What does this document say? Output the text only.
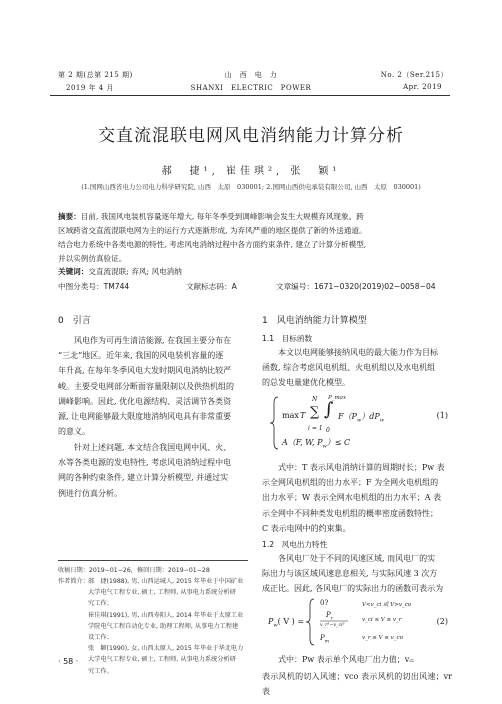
第 2 期(总第 215 期)	山　西　电　力	No. 2（Ser.215）
2019 年 4 月	SHANXI　ELECTRIC　POWER	Apr. 2019
交直流混联电网风电消纳能力计算分析
郝　捷¹, 崔佳琪², 张　颖¹
(1.国网山西省电力公司电力科学研究院, 山西　太原　030001; 2.国网山西供电承装有限公司, 山西　太原　030001)
摘要：目前, 我国风电装机容量逐年增大, 每年冬季受到调峰影响会发生大规模弃风现象。跨
区域跨省交直流混联电网为主的运行方式逐渐形成, 为弃风严重的地区提供了新的外送通道。
结合电力系统中各类电源的特性, 考虑风电消纳过程中各方面约束条件, 建立了计算分析模型,
并以实例仿真验证。
关键词：交直流混联; 弃风; 风电消纳
中图分类号：TM744	文献标志码：A	文章编号：1671−0320(2019)02−0058−04
0　引言
风电作为可再生清洁能源, 在我国主要分布在
“三北”地区。近年来, 我国的风电装机容量的逐
年升高, 在每年冬季风电大发时期风电消纳比较严
峻。主要受电网部分断面容量限制以及供热机组的
调峰影响。因此, 优化电源结构、灵活调节各类资
源, 让电网能够最大限度地消纳风电具有非常重要
的意义。
针对上述问题, 本文结合我国电网中风、火、
水等各类电源的发电特性, 考虑风电消纳过程中电
网的各种约束条件, 建立计算分析模型, 并通过实
例进行仿真分析。
收稿日期：2019−01−26，修回日期：2019−01−28
作者简介： 郝　捷(1988), 男, 山西运城人, 2015 年毕业于中国矿业
大学电气工程专业, 硕士, 工程师, 从事电力系统分析研
究工作；
崔佳琪(1991), 男, 山西寿阳人, 2014 年毕业于太原工业
学院电气工程自动化专业, 助理工程师, 从事电力工程建
设工作；
张　颖(1990), 女, 山西太原人, 2015 年毕业于华北电力
大学电气工程专业, 硕士, 工程师, 从事电力系统分析研
究工作。
· 58 ·
1　风电消纳能力计算模型
1.1　目标函数
本文以电网能够接纳风电的最大能力作为目标
函数, 综合考虑风电机组、火电机组以及水电机组
的总发电量建优化模型。
max T
N
∑
i = 1
P_max
∫
0
$F(P_w)dP_w$
A（F, W, $P_w)\le C$
(1)
式中：T 表示风电消纳计算的周期时长；Pw 表
示全网风电机组的出力水平；F 为全网火电机组的
出力水平；W 表示全网水电机组的出力水平；A 表
示全网中不同种类发电机组的概率密度函数特性；
C 表示电网中的约束集。
1.2　风电出力特性
各风电厂处于不同的风速区域, 而风电厂的实
际出力与该区域风速息息相关, 与实际风速 3 次方
成正比。因此, 各风电厂的实际出力的函数可表示为
$P_w$( V ) =
0?	V<v_ci 或 V>v_co
$P_r$
v_r³−v_ci³
v_ci ≤ V ≤ v_r
$P_m$
v_r ≤ V ≤ v_co
(2)
式中：Pw 表示单个风电厂出力值；vci
表示风机的切入风速；vco 表示风机的切出风速；vr 表
